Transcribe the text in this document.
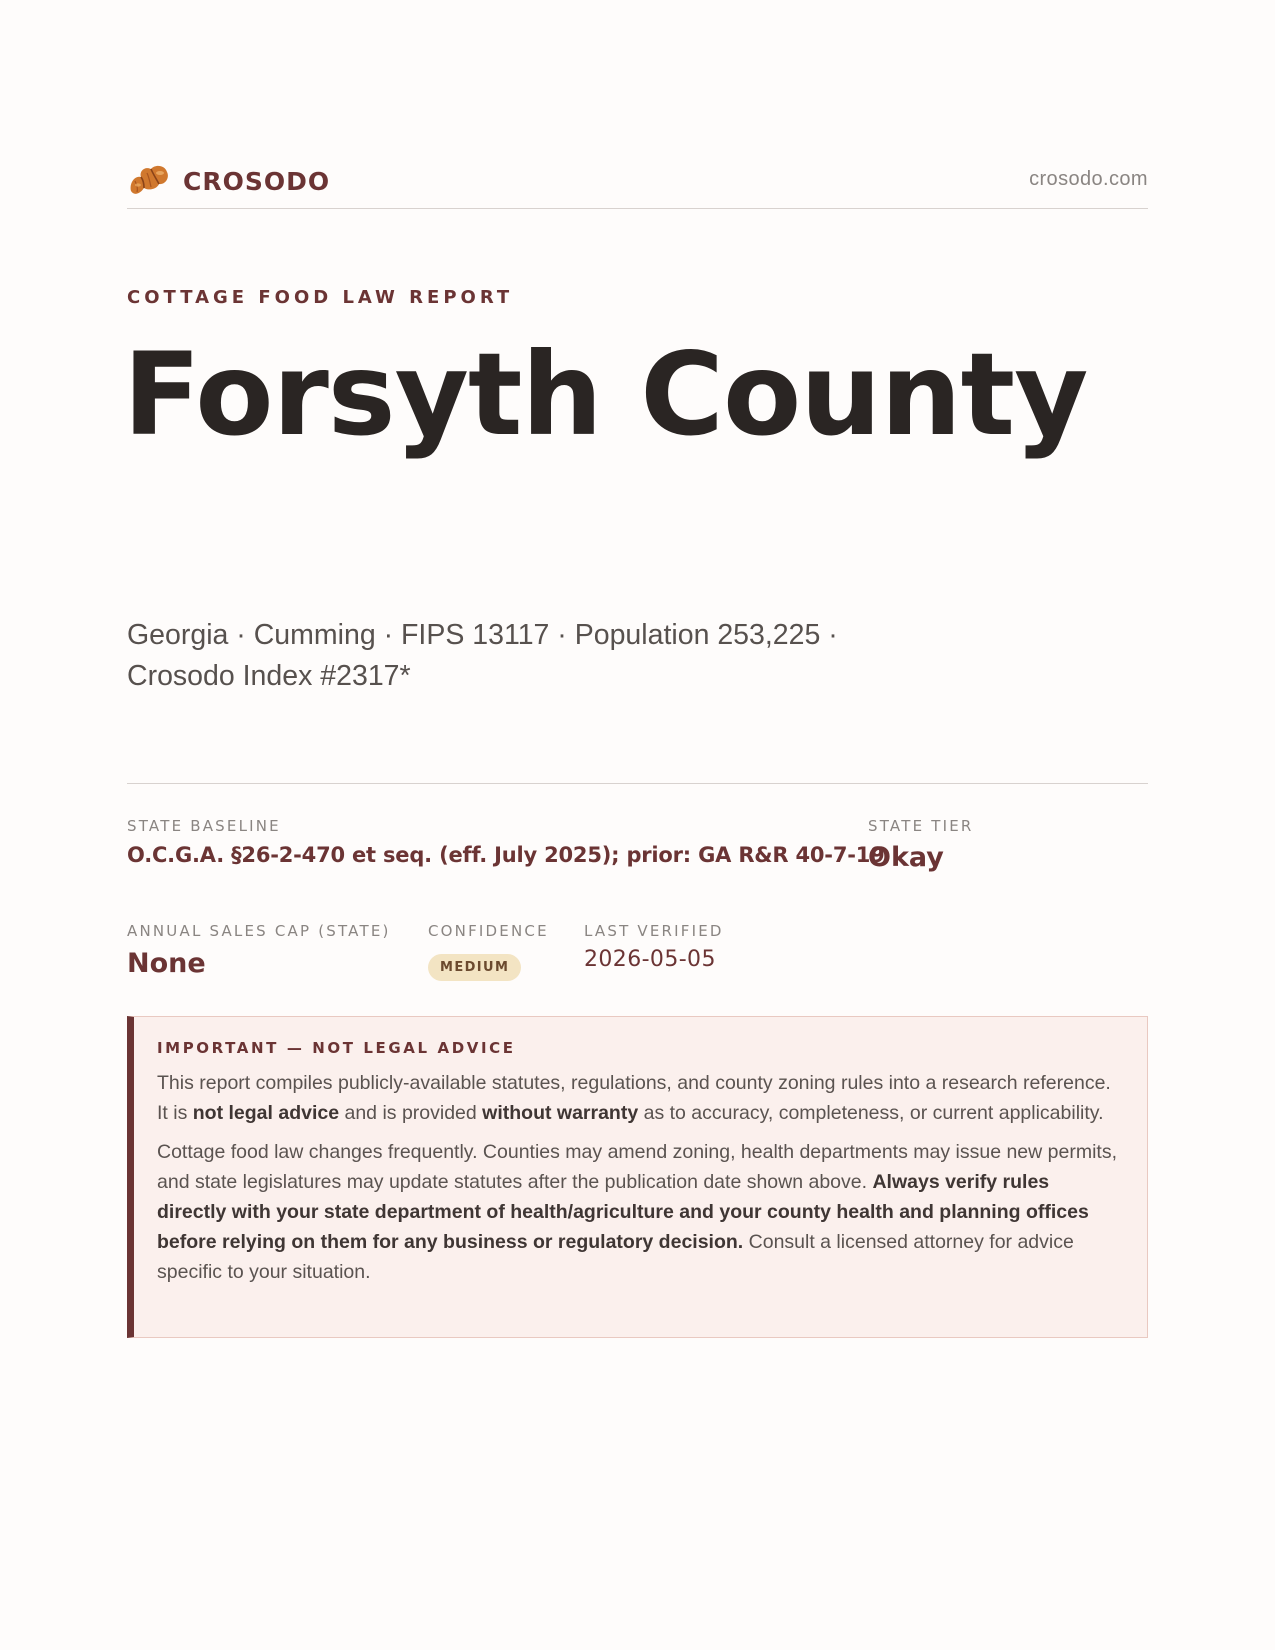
CROSODO	crosodo.com
COTTAGE FOOD LAW REPORT
Forsyth County
Georgia · Cumming · FIPS 13117 · Population 253,225 ·
Crosodo Index #2317*
STATE BASELINE
O.C.G.A. §26-2-470 et seq. (eff. July 2025); prior: GA R&R 40-7-19
STATE TIER
Okay
ANNUAL SALES CAP (STATE)
None
CONFIDENCE
MEDIUM
LAST VERIFIED
2026-05-05
IMPORTANT — NOT LEGAL ADVICE

This report compiles publicly-available statutes, regulations, and county zoning rules into a research reference. It is not legal advice and is provided without warranty as to accuracy, completeness, or current applicability.

Cottage food law changes frequently. Counties may amend zoning, health departments may issue new permits, and state legislatures may update statutes after the publication date shown above. Always verify rules directly with your state department of health/agriculture and your county health and planning offices before relying on them for any business or regulatory decision. Consult a licensed attorney for advice specific to your situation.
